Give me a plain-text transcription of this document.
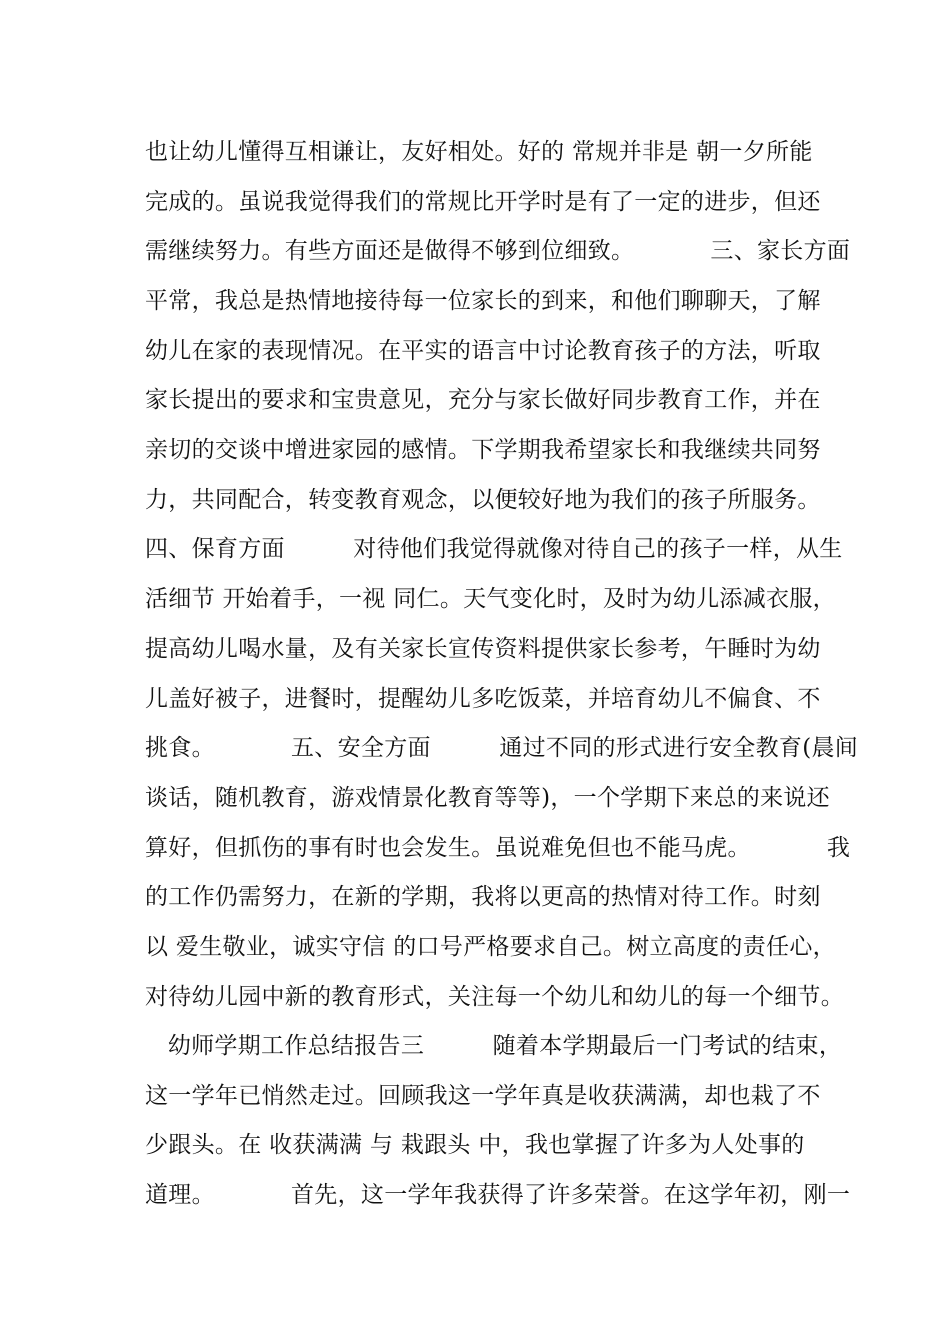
也让幼儿懂得互相谦让，友好相处。好的 常规并非是 朝一夕所能
完成的。虽说我觉得我们的常规比开学时是有了一定的进步，但还
需继续努力。有些方面还是做得不够到位细致。          三、家长方面
平常，我总是热情地接待每一位家长的到来，和他们聊聊天，了解
幼儿在家的表现情况。在平实的语言中讨论教育孩子的方法，听取
家长提出的要求和宝贵意见，充分与家长做好同步教育工作，并在
亲切的交谈中增进家园的感情。下学期我希望家长和我继续共同努
力，共同配合，转变教育观念，以便较好地为我们的孩子所服务。
四、保育方面         对待他们我觉得就像对待自己的孩子一样，从生
活细节 开始着手，一视 同仁。天气变化时，及时为幼儿添减衣服，
提高幼儿喝水量，及有关家长宣传资料提供家长参考，午睡时为幼
儿盖好被子，进餐时，提醒幼儿多吃饭菜，并培育幼儿不偏食、不
挑食。          五、安全方面         通过不同的形式进行安全教育(晨间
谈话，随机教育，游戏情景化教育等等)，一个学期下来总的来说还
算好，但抓伤的事有时也会发生。虽说难免但也不能马虎。          我
的工作仍需努力，在新的学期，我将以更高的热情对待工作。时刻
以 爱生敬业，诚实守信 的口号严格要求自己。树立高度的责任心，
对待幼儿园中新的教育形式，关注每一个幼儿和幼儿的每一个细节。
幼师学期工作总结报告三         随着本学期最后一门考试的结束，
这一学年已悄然走过。回顾我这一学年真是收获满满，却也栽了不
少跟头。在 收获满满 与 栽跟头 中，我也掌握了许多为人处事的
道理。          首先，这一学年我获得了许多荣誉。在这学年初，刚一
